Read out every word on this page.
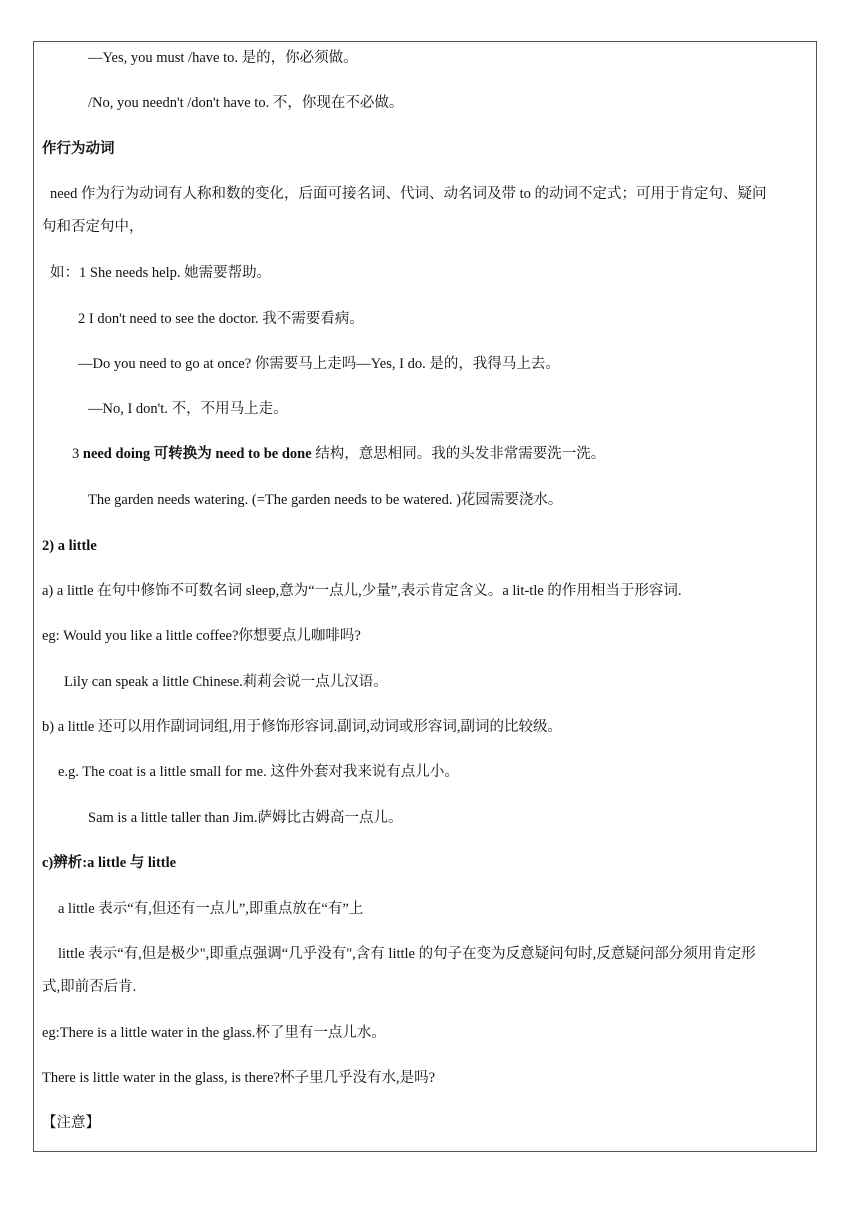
—Yes, you must /have to. 是的，你必须做。
/No, you needn't /don't have to. 不，你现在不必做。
作行为动词
need 作为行为动词有人称和数的变化，后面可接名词、代词、动名词及带 to 的动词不定式；可用于肯定句、疑问
句和否定句中，
如：1 She needs help. 她需要帮助。
2 I don't need to see the doctor. 我不需要看病。
—Do you need to go at once? 你需要马上走吗—Yes, I do. 是的，我得马上去。
—No, I don't. 不，不用马上走。
3 need doing 可转换为 need to be done 结构，意思相同。我的头发非常需要洗一洗。
The garden needs watering. (=The garden needs to be watered. )花园需要浇水。
2) a little
a) a little 在句中修饰不可数名词 sleep,意为“一点儿,少量”,表示肯定含义。a lit-tle 的作用相当于形容词.
eg: Would you like a little coffee?你想要点儿咖啡吗?
Lily can speak a little Chinese.莉莉会说一点儿汉语。
b) a little 还可以用作副词词组,用于修饰形容词.副词,动词或形容词,副词的比较级。
e.g. The coat is a little small for me. 这件外套对我来说有点儿小。
Sam is a little taller than Jim.萨姆比古姆高一点儿。
c)辨析:a little 与 little
a little 表示“有,但还有一点儿”,即重点放在“有”上
little 表示“有,但是极少",即重点强调“几乎没有",含有 little 的句子在变为反意疑问句时,反意疑问部分须用肯定形
式,即前否后肯.
eg:There is a little water in the glass.杯了里有一点儿水。
There is little water in the glass, is there?杯子里几乎没有水,是吗?
【注意】
